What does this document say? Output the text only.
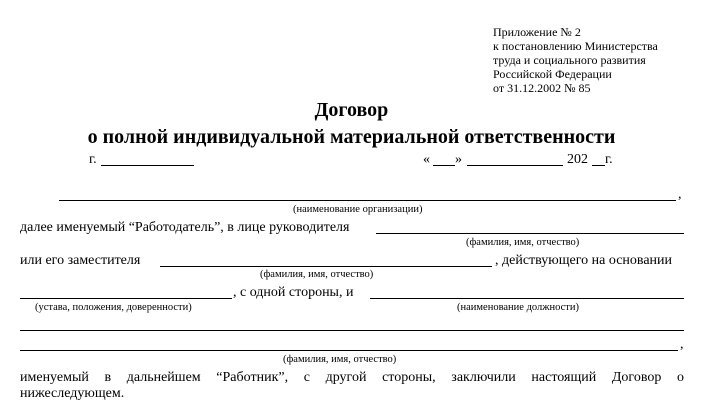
Приложение № 2
к постановлению Министерства
труда и социального развития
Российской Федерации
от 31.12.2002 № 85
Договор
о полной индивидуальной материальной ответственности
г.	« »	202 г.
,
(наименование организации)
далее именуемый “Работодатель”, в лице руководителя
(фамилия, имя, отчество)
или его заместителя	, действующего на основании
(фамилия, имя, отчество)
, с одной стороны, и
(устава, положения, доверенности)	(наименование должности)
,
(фамилия, имя, отчество)
именуемый в дальнейшем “Работник”, с другой стороны, заключили настоящий Договор о
нижеследующем.
